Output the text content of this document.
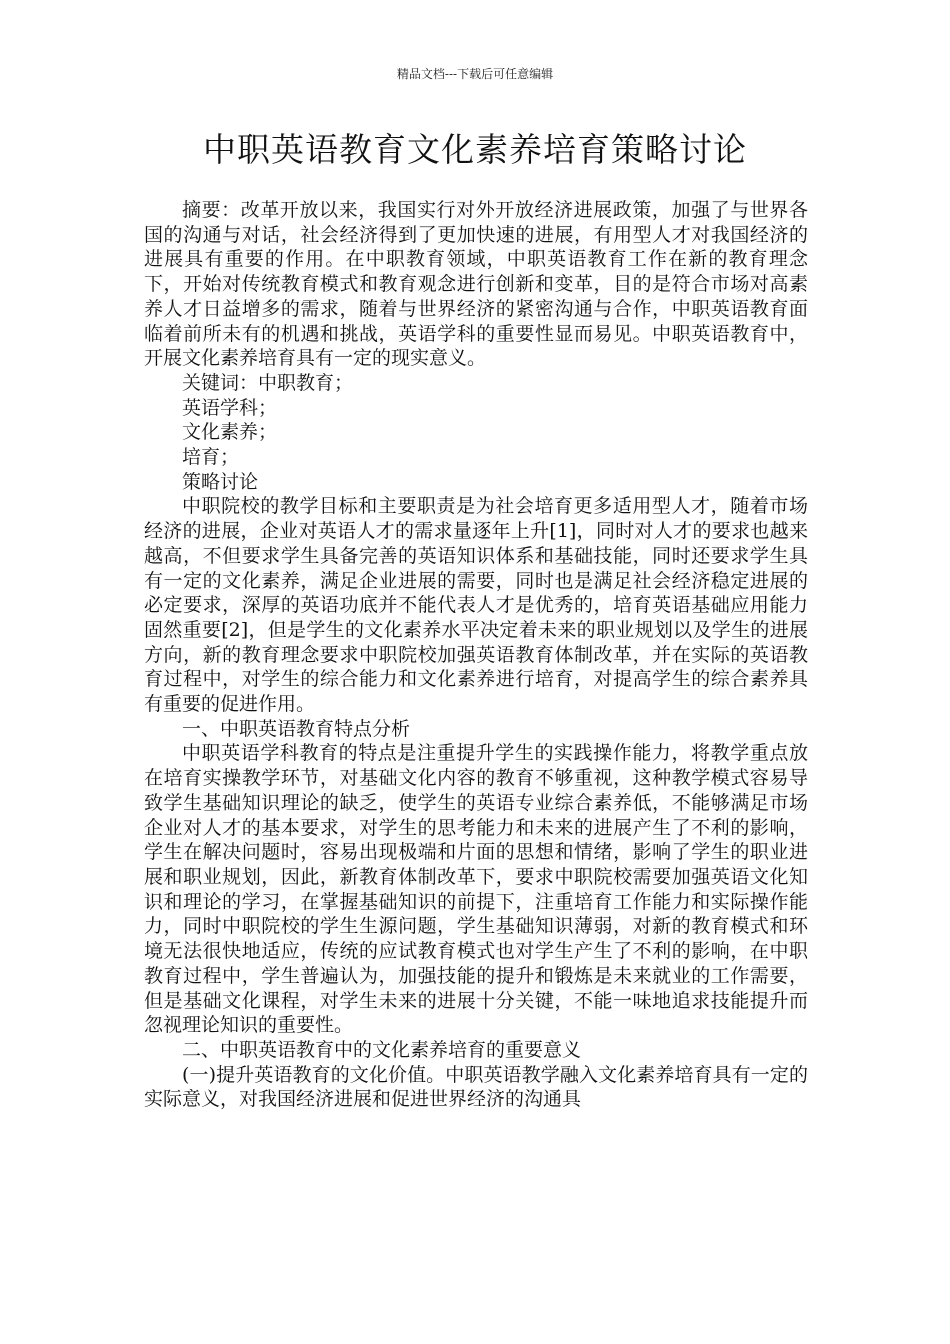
精品文档---下载后可任意编辑
中职英语教育文化素养培育策略讨论

摘要：改革开放以来，我国实行对外开放经济进展政策，加强了与世界各国的沟通与对话，社会经济得到了更加快速的进展，有用型人才对我国经济的进展具有重要的作用。在中职教育领域，中职英语教育工作在新的教育理念下，开始对传统教育模式和教育观念进行创新和变革，目的是符合市场对高素养人才日益增多的需求，随着与世界经济的紧密沟通与合作，中职英语教育面临着前所未有的机遇和挑战，英语学科的重要性显而易见。中职英语教育中，开展文化素养培育具有一定的现实意义。

关键词：中职教育；

英语学科；

文化素养；

培育；

策略讨论

中职院校的教学目标和主要职责是为社会培育更多适用型人才，随着市场经济的进展，企业对英语人才的需求量逐年上升[1]，同时对人才的要求也越来越高，不但要求学生具备完善的英语知识体系和基础技能，同时还要求学生具有一定的文化素养，满足企业进展的需要，同时也是满足社会经济稳定进展的必定要求，深厚的英语功底并不能代表人才是优秀的，培育英语基础应用能力固然重要[2]，但是学生的文化素养水平决定着未来的职业规划以及学生的进展方向，新的教育理念要求中职院校加强英语教育体制改革，并在实际的英语教育过程中，对学生的综合能力和文化素养进行培育，对提高学生的综合素养具有重要的促进作用。

一、中职英语教育特点分析

中职英语学科教育的特点是注重提升学生的实践操作能力，将教学重点放在培育实操教学环节，对基础文化内容的教育不够重视，这种教学模式容易导致学生基础知识理论的缺乏，使学生的英语专业综合素养低，不能够满足市场企业对人才的基本要求，对学生的思考能力和未来的进展产生了不利的影响，学生在解决问题时，容易出现极端和片面的思想和情绪，影响了学生的职业进展和职业规划，因此，新教育体制改革下，要求中职院校需要加强英语文化知识和理论的学习，在掌握基础知识的前提下，注重培育工作能力和实际操作能力，同时中职院校的学生生源问题，学生基础知识薄弱，对新的教育模式和环境无法很快地适应，传统的应试教育模式也对学生产生了不利的影响，在中职教育过程中，学生普遍认为，加强技能的提升和锻炼是未来就业的工作需要，但是基础文化课程，对学生未来的进展十分关键，不能一味地追求技能提升而忽视理论知识的重要性。

二、中职英语教育中的文化素养培育的重要意义

(一)提升英语教育的文化价值。中职英语教学融入文化素养培育具有一定的实际意义，对我国经济进展和促进世界经济的沟通具
